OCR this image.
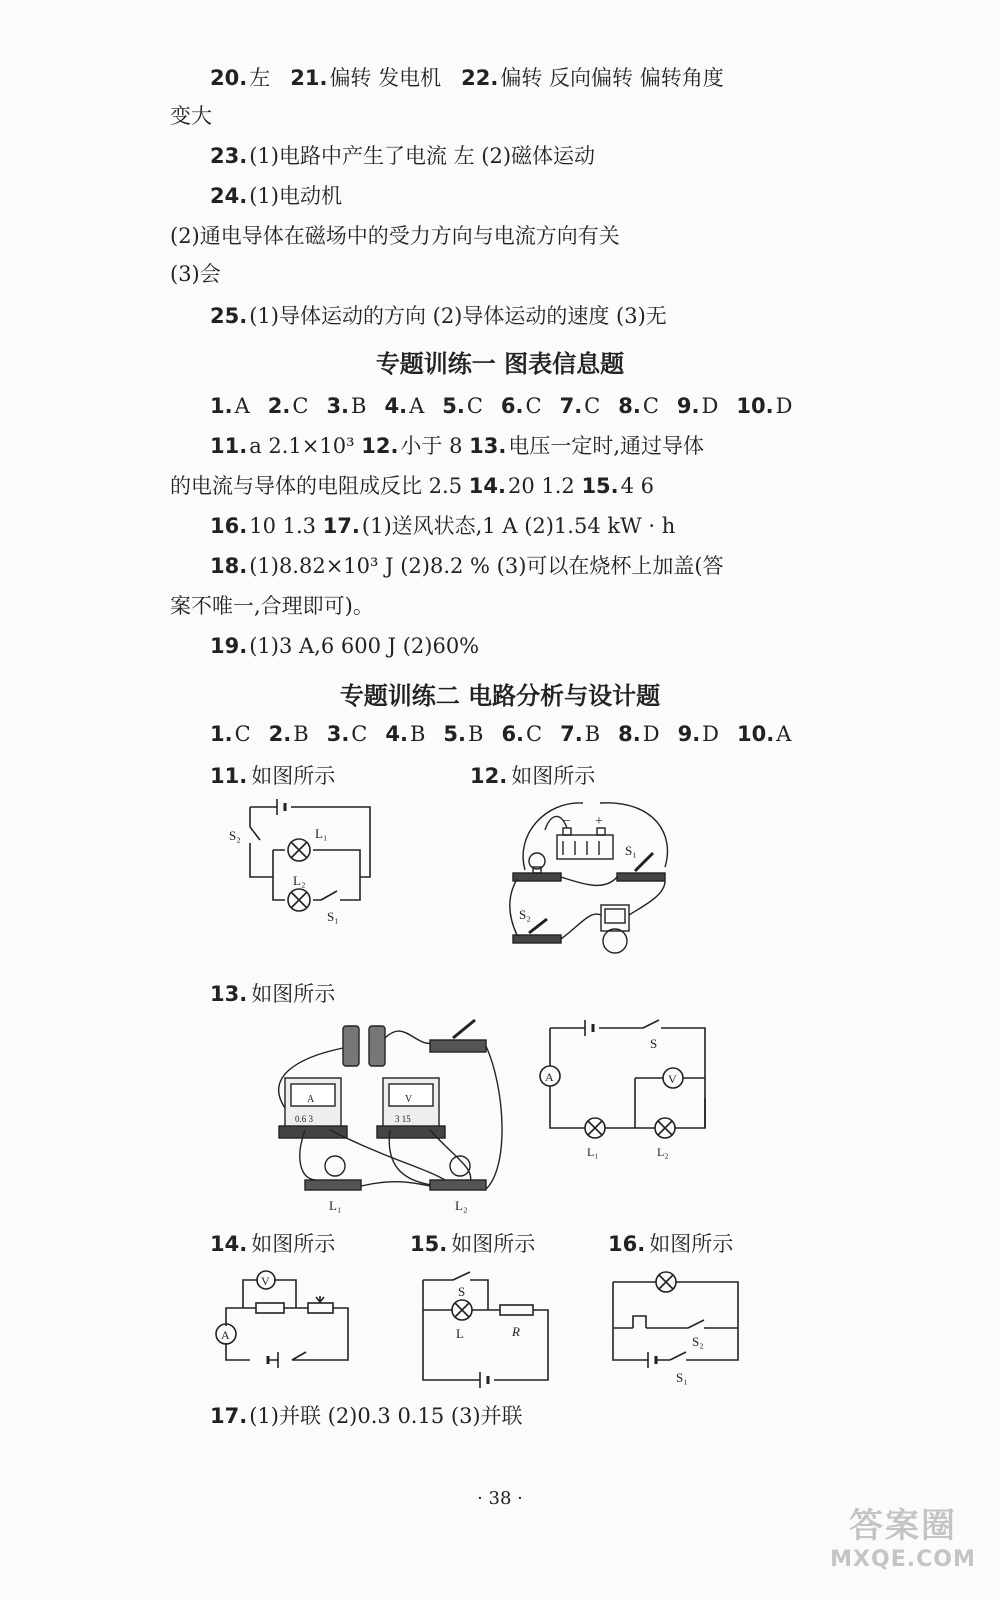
20.左 21.偏转 发电机 22.偏转 反向偏转 偏转角度
变大
23.(1)电路中产生了电流 左 (2)磁体运动
24.(1)电动机
(2)通电导体在磁场中的受力方向与电流方向有关
(3)会
25.(1)导体运动的方向 (2)导体运动的速度 (3)无
专题训练一 图表信息题
1.A 2.C 3.B 4.A 5.C 6.C 7.C 8.C 9.D 10.D
11.a 2.1×10³ 12.小于 8 13.电压一定时,通过导体
的电流与导体的电阻成反比 2.5 14.20 1.2 15.4 6
16.10 1.3 17.(1)送风状态,1 A (2)1.54 kW · h
18.(1)8.82×10³ J (2)8.2 % (3)可以在烧杯上加盖(答
案不唯一,合理即可)。
19.(1)3 A,6 600 J (2)60%
专题训练二 电路分析与设计题
1.C 2.B 3.C 4.B 5.B 6.C 7.B 8.D 9.D 10.A
11. 如图所示	12. 如图所示
S₂	L₁
L₂
S₁
− +
S₁
S₂
13. 如图所示
A
0.6 3
V
3 15
L₁	L₂
S
A	V
L₁	L₂
14. 如图所示	15. 如图所示	16. 如图所示
V
A
S
L	R
S₂
S₁
17.(1)并联 (2)0.3 0.15 (3)并联
· 38 ·
答案圈
MXQE.COM
